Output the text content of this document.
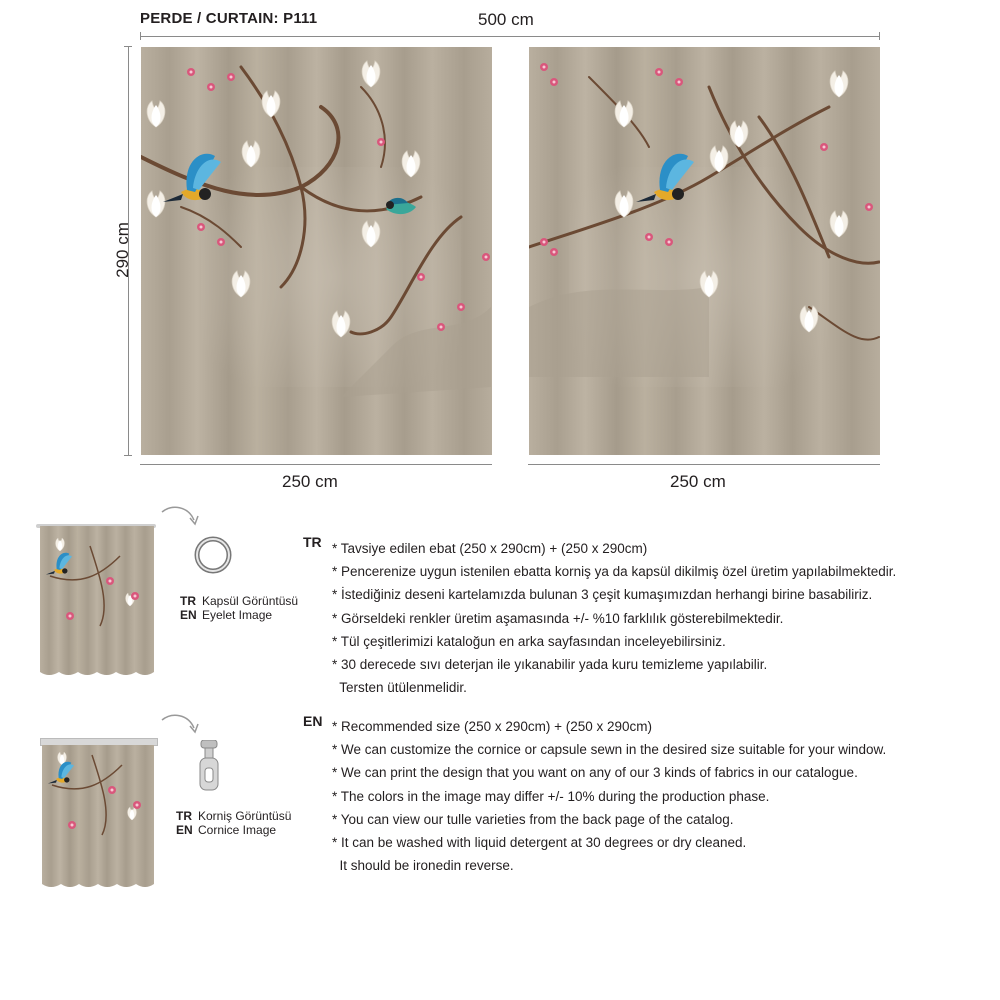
PERDE / CURTAIN: P111	500 cm
290 cm
250 cm	250 cm
TR Kapsül Görüntüsü
EN Eyelet Image
TR Korniş Görüntüsü
EN Cornice Image
TR * Tavsiye edilen ebat (250 x 290cm) + (250 x 290cm)
* Pencerenize uygun istenilen ebatta korniş ya da kapsül dikilmiş özel üretim yapılabilmektedir.
* İstediğiniz deseni kartelamızda bulunan 3 çeşit kumaşımızdan herhangi birine basabiliriz.
* Görseldeki renkler üretim aşamasında +/- %10 farklılık gösterebilmektedir.
* Tül çeşitlerimizi kataloğun en arka sayfasından inceleyebilirsiniz.
* 30 derecede sıvı deterjan ile yıkanabilir yada kuru temizleme yapılabilir.
Tersten ütülenmelidir.
EN * Recommended size (250 x 290cm) + (250 x 290cm)
* We can customize the cornice or capsule sewn in the desired size suitable for your window.
* We can print the design that you want on any of our 3 kinds of fabrics in our catalogue.
* The colors in the image may differ +/- 10% during the production phase.
* You can view our tulle varieties from the back page of the catalog.
* It can be washed with liquid detergent at 30 degrees or dry cleaned.
It should be ironedin reverse.
